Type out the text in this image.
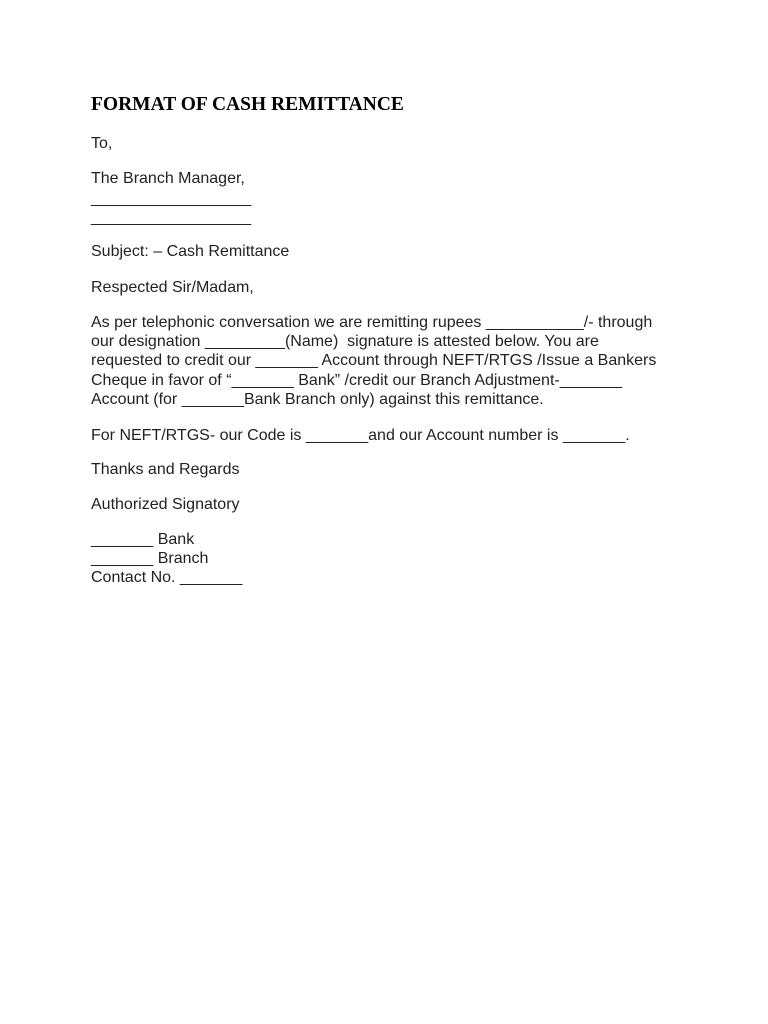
FORMAT OF CASH REMITTANCE

To,

The Branch Manager,

__________________

__________________

Subject: – Cash Remittance

Respected Sir/Madam,

As per telephonic conversation we are remitting rupees ___________/- through

our designation _________(Name)  signature is attested below. You are

requested to credit our _______ Account through NEFT/RTGS /Issue a Bankers

Cheque in favor of “_______ Bank” /credit our Branch Adjustment-_______

Account (for _______Bank Branch only) against this remittance.

For NEFT/RTGS- our Code is _______and our Account number is _______.

Thanks and Regards

Authorized Signatory

_______ Bank

_______ Branch

Contact No. _______
